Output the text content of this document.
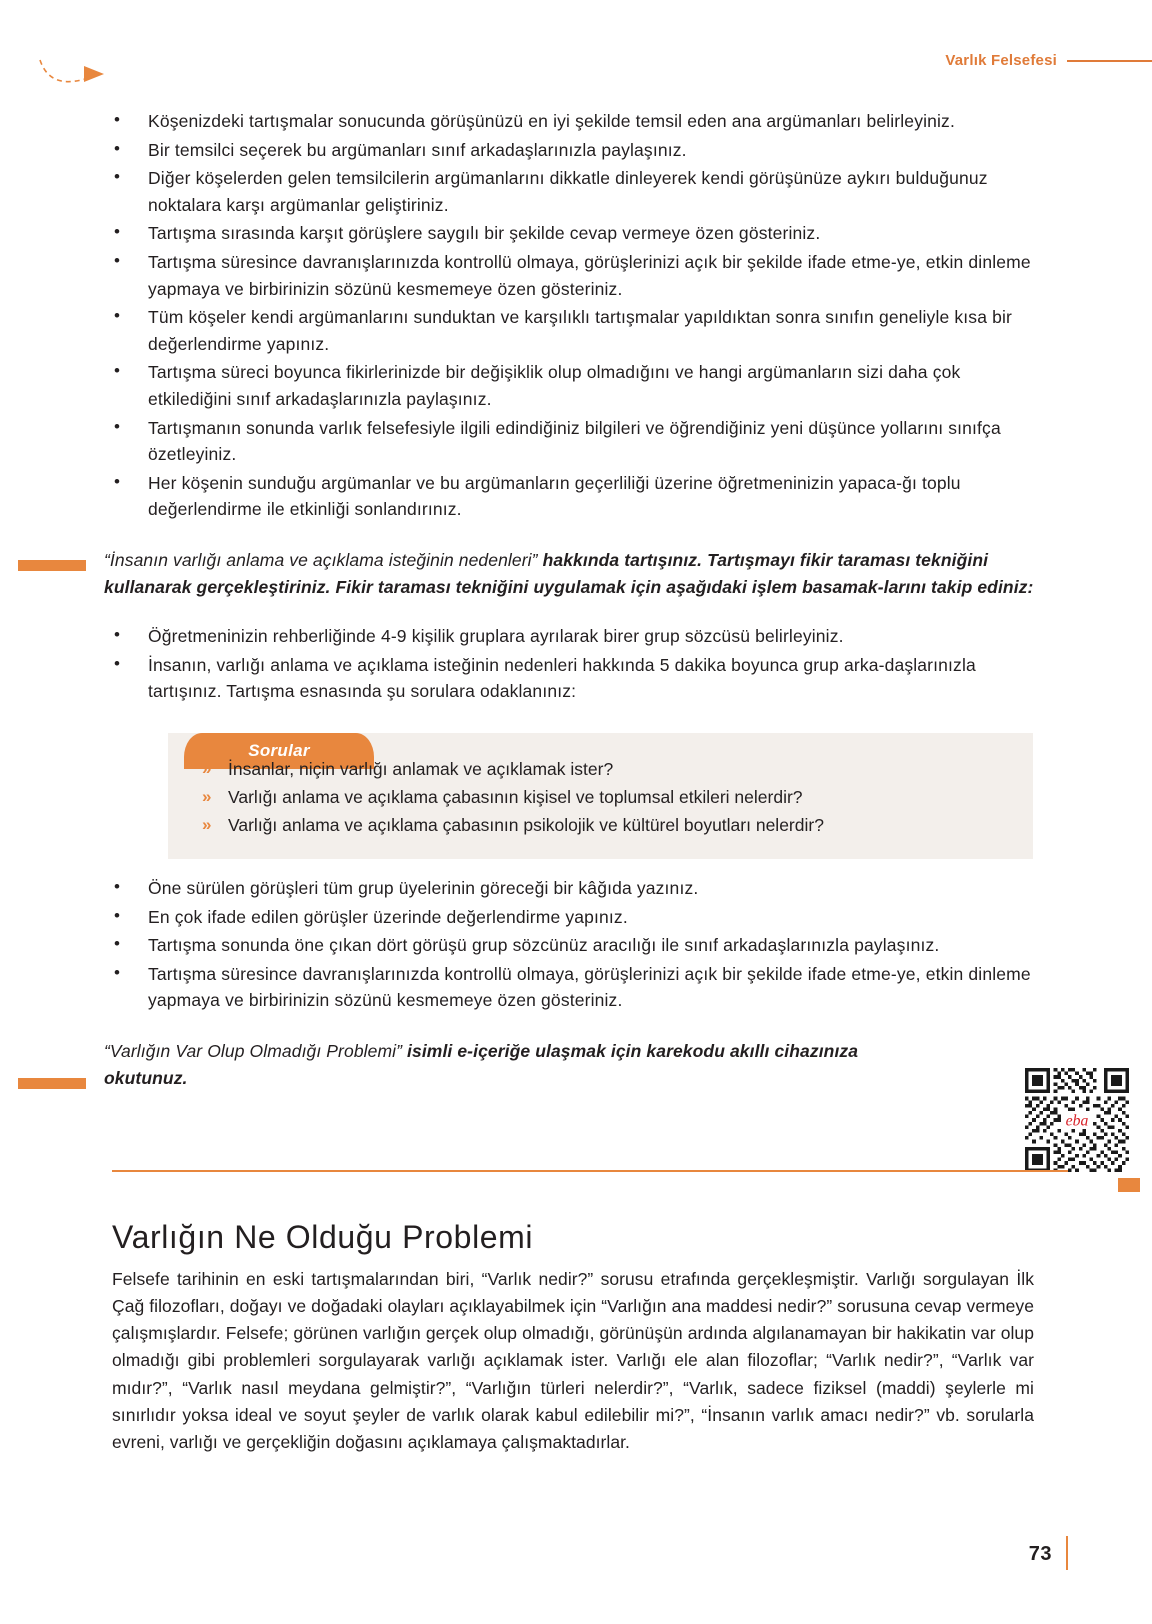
Varlık Felsefesi
• Köşenizdeki tartışmalar sonucunda görüşünüzü en iyi şekilde temsil eden ana argümanları belirleyiniz.
• Bir temsilci seçerek bu argümanları sınıf arkadaşlarınızla paylaşınız.
• Diğer köşelerden gelen temsilcilerin argümanlarını dikkatle dinleyerek kendi görüşünüze aykırı bulduğunuz noktalara karşı argümanlar geliştiriniz.
• Tartışma sırasında karşıt görüşlere saygılı bir şekilde cevap vermeye özen gösteriniz.
• Tartışma süresince davranışlarınızda kontrollü olmaya, görüşlerinizi açık bir şekilde ifade etme-ye, etkin dinleme yapmaya ve birbirinizin sözünü kesmemeye özen gösteriniz.
• Tüm köşeler kendi argümanlarını sunduktan ve karşılıklı tartışmalar yapıldıktan sonra sınıfın geneliyle kısa bir değerlendirme yapınız.
• Tartışma süreci boyunca fikirlerinizde bir değişiklik olup olmadığını ve hangi argümanların sizi daha çok etkilediğini sınıf arkadaşlarınızla paylaşınız.
• Tartışmanın sonunda varlık felsefesiyle ilgili edindiğiniz bilgileri ve öğrendiğiniz yeni düşünce yollarını sınıfça özetleyiniz.
• Her köşenin sunduğu argümanlar ve bu argümanların geçerliliği üzerine öğretmeninizin yapaca-ğı toplu değerlendirme ile etkinliği sonlandırınız.

“İnsanın varlığı anlama ve açıklama isteğinin nedenleri” hakkında tartışınız. Tartışmayı fikir taraması tekniğini kullanarak gerçekleştiriniz. Fikir taraması tekniğini uygulamak için aşağıdaki işlem basamak-larını takip ediniz:

• Öğretmeninizin rehberliğinde 4-9 kişilik gruplara ayrılarak birer grup sözcüsü belirleyiniz.
• İnsanın, varlığı anlama ve açıklama isteğinin nedenleri hakkında 5 dakika boyunca grup arka-daşlarınızla tartışınız. Tartışma esnasında şu sorulara odaklanınız:
Sorular
» İnsanlar, niçin varlığı anlamak ve açıklamak ister?
» Varlığı anlama ve açıklama çabasının kişisel ve toplumsal etkileri nelerdir?
» Varlığı anlama ve açıklama çabasının psikolojik ve kültürel boyutları nelerdir?
• Öne sürülen görüşleri tüm grup üyelerinin göreceği bir kâğıda yazınız.
• En çok ifade edilen görüşler üzerinde değerlendirme yapınız.
• Tartışma sonunda öne çıkan dört görüşü grup sözcünüz aracılığı ile sınıf arkadaşlarınızla paylaşınız.
• Tartışma süresince davranışlarınızda kontrollü olmaya, görüşlerinizi açık bir şekilde ifade etme-ye, etkin dinleme yapmaya ve birbirinizin sözünü kesmemeye özen gösteriniz.

“Varlığın Var Olup Olmadığı Problemi” isimli e-içeriğe ulaşmak için karekodu akıllı cihazınıza okutunuz.

eba
Varlığın Ne Olduğu Problemi

Felsefe tarihinin en eski tartışmalarından biri, “Varlık nedir?” sorusu etrafında gerçekleşmiştir. Varlığı sorgulayan İlk Çağ filozofları, doğayı ve doğadaki olayları açıklayabilmek için “Varlığın ana maddesi nedir?” sorusuna cevap vermeye çalışmışlardır. Felsefe; görünen varlığın gerçek olup olmadığı, görünüşün ardında algılanamayan bir hakikatin var olup olmadığı gibi problemleri sorgulayarak varlığı açıklamak ister. Varlığı ele alan filozoflar; “Varlık nedir?”, “Varlık var mıdır?”, “Varlık nasıl meydana gelmiştir?”, “Varlığın türleri nelerdir?”, “Varlık, sadece fiziksel (maddi) şeylerle mi sınırlıdır yoksa ideal ve soyut şeyler de varlık olarak kabul edilebilir mi?”, “İnsanın varlık amacı nedir?” vb. sorularla evreni, varlığı ve gerçekliğin doğasını açıklamaya çalışmaktadırlar.

73
